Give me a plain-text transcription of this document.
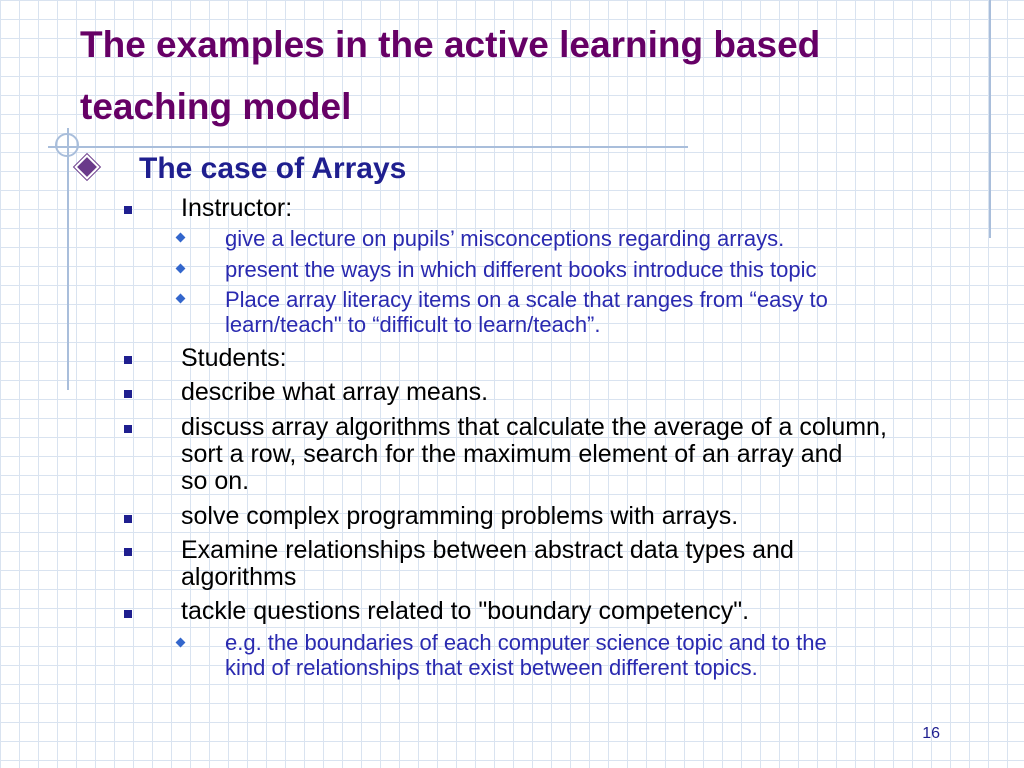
The examples in the active learning based
teaching model
The case of Arrays
Instructor:
give a lecture on pupils’ misconceptions regarding arrays.
present the ways in which different books introduce this topic
Place array literacy items on a scale that ranges from “easy to
learn/teach" to “difficult to learn/teach”.
Students:
describe what array means.
discuss array algorithms that calculate the average of a column,
sort a row, search for the maximum element of an array and
so on.
solve complex programming problems with arrays.
Examine relationships between abstract data types and
algorithms
tackle questions related to "boundary competency".
e.g. the boundaries of each computer science topic and to the
kind of relationships that exist between different topics.
16
